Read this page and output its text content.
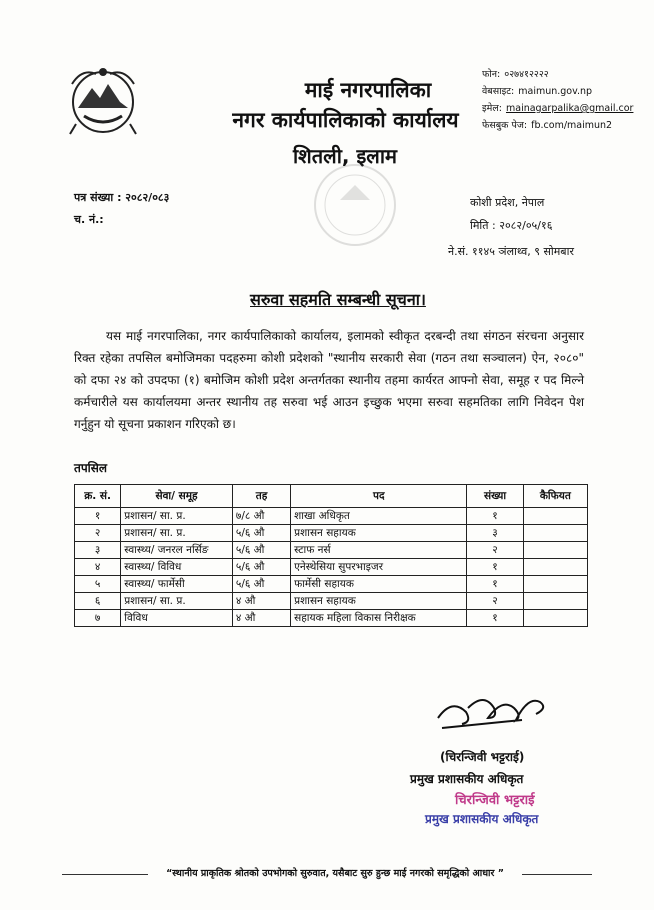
माई नगरपालिका
नगर कार्यपालिकाको कार्यालय
शितली, इलाम
फोन: ०२७४१२२२२
वेबसाइट: maimun.gov.np
इमेल: mainagarpalika@gmail.cor
फेसबुक पेज: fb.com/maimun2
पत्र संख्या : २०८२/०८३
च. नं.:
कोशी प्रदेश, नेपाल
मिति : २०८२/०५/१६
ने.सं. ११४५ ञंलाथ्व, ९ सोमबार
सरुवा सहमति सम्बन्धी सूचना।
यस माई नगरपालिका, नगर कार्यपालिकाको कार्यालय, इलामको स्वीकृत दरबन्दी तथा संगठन संरचना अनुसार रिक्त रहेका तपसिल बमोजिमका पदहरुमा कोशी प्रदेशको "स्थानीय सरकारी सेवा (गठन तथा सञ्चालन) ऐन, २०८०" को दफा २४ को उपदफा (१) बमोजिम कोशी प्रदेश अन्तर्गतका स्थानीय तहमा कार्यरत आफ्नो सेवा, समूह र पद मिल्ने कर्मचारीले यस कार्यालयमा अन्तर स्थानीय तह सरुवा भई आउन इच्छुक भएमा सरुवा सहमतिका लागि निवेदन पेश गर्नुहुन यो सूचना प्रकाशन गरिएको छ।
तपसिल
क्र. सं.	सेवा/ समूह	तह	पद	संख्या	कैफियत
१	प्रशासन/ सा. प्र.	७/८ औ	शाखा अधिकृत	१	
२	प्रशासन/ सा. प्र.	५/६ औ	प्रशासन सहायक	३	
३	स्वास्थ्य/ जनरल नर्सिङ	५/६ औ	स्टाफ नर्स	२	
४	स्वास्थ्य/ विविध	५/६ औ	एनेस्थेसिया सुपरभाइजर	१	
५	स्वास्थ्य/ फार्मेसी	५/६ औ	फार्मेसी सहायक	१	
६	प्रशासन/ सा. प्र.	४ औ	प्रशासन सहायक	२	
७	विविध	४ औ	सहायक महिला विकास निरीक्षक	१	
(चिरन्जिवी भट्टराई)
प्रमुख प्रशासकीय अधिकृत
चिरन्जिवी भट्टराई
प्रमुख प्रशासकीय अधिकृत
“स्थानीय प्राकृतिक श्रोतको उपभोगको सुरुवात, यसैबाट सुरु हुन्छ माई नगरको समृद्धिको आधार ”
